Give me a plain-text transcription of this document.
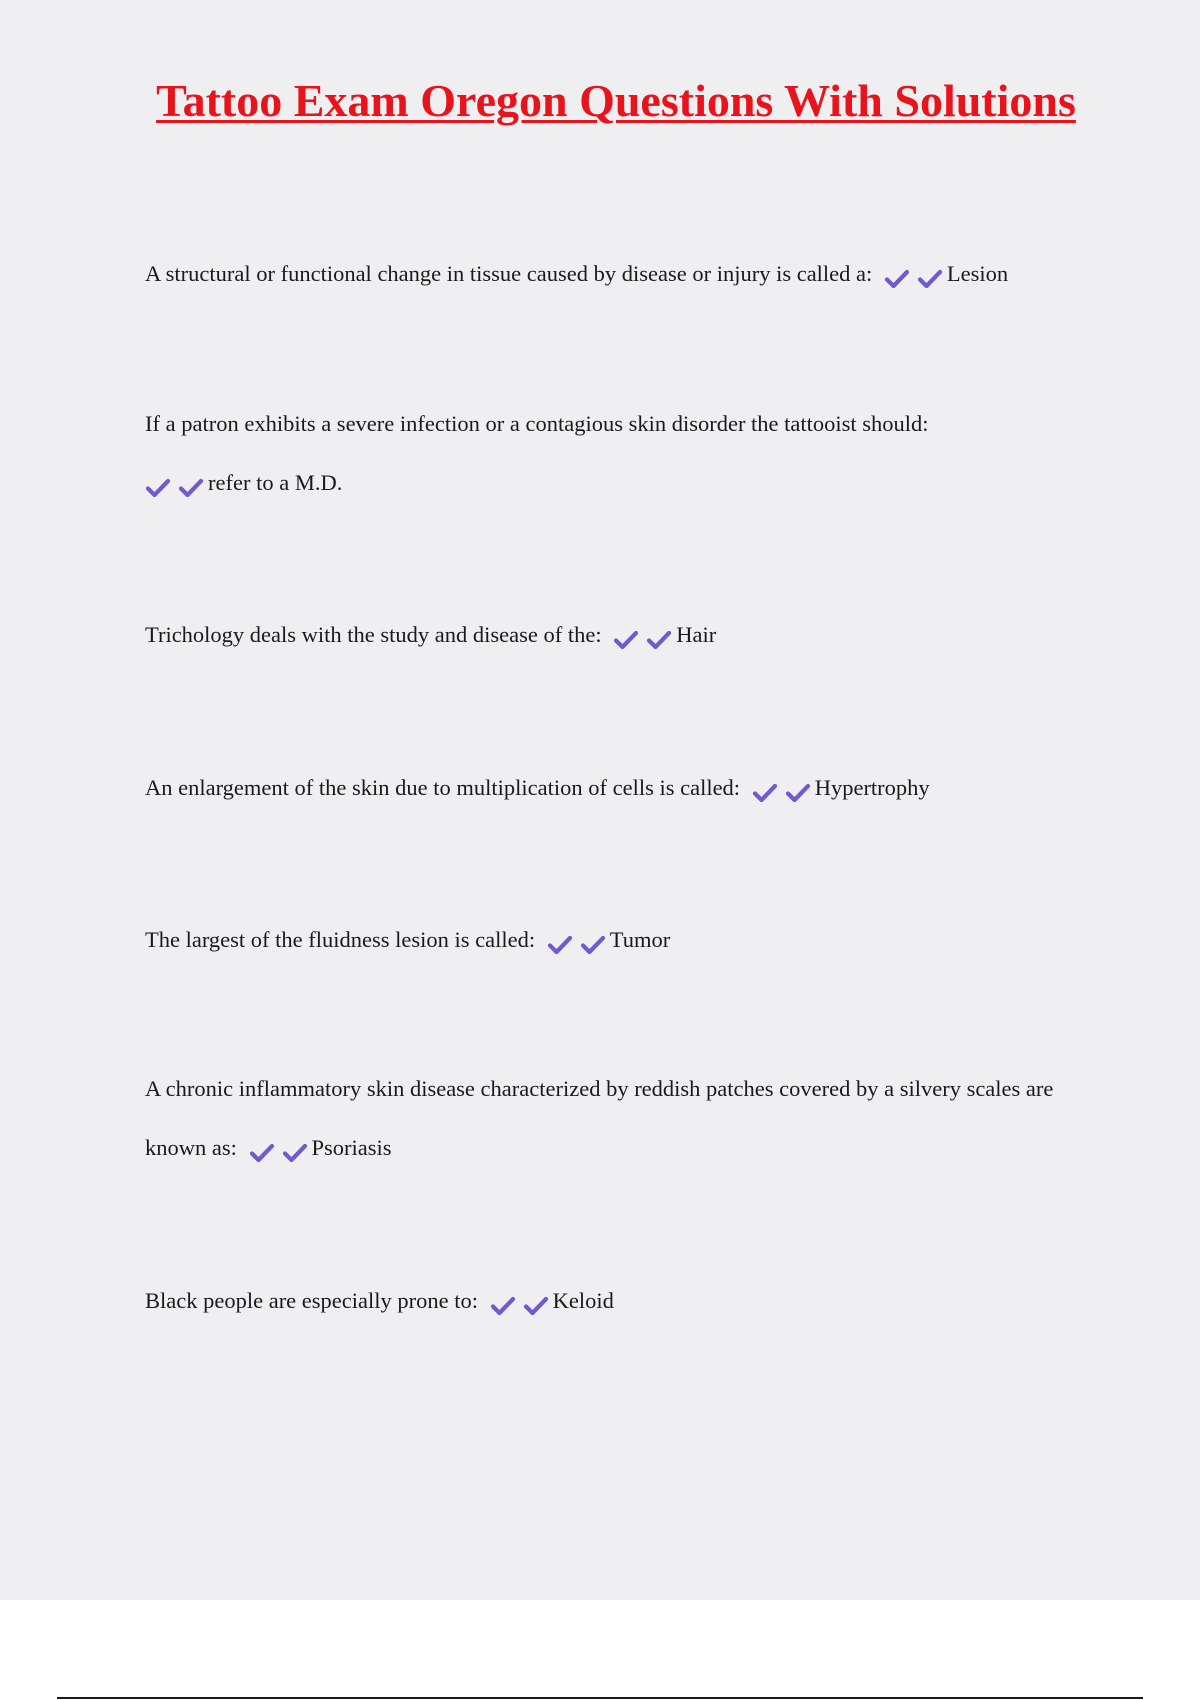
Tattoo Exam Oregon Questions With Solutions

A structural or functional change in tissue caused by disease or injury is called a:	Lesion

If a patron exhibits a severe infection or a contagious skin disorder the tattooist should:
refer to a M.D.

Trichology deals with the study and disease of the:	Hair

An enlargement of the skin due to multiplication of cells is called:	Hypertrophy

The largest of the fluidness lesion is called:	Tumor

A chronic inflammatory skin disease characterized by reddish patches covered by a silvery scales are known as:	Psoriasis

Black people are especially prone to:	Keloid
